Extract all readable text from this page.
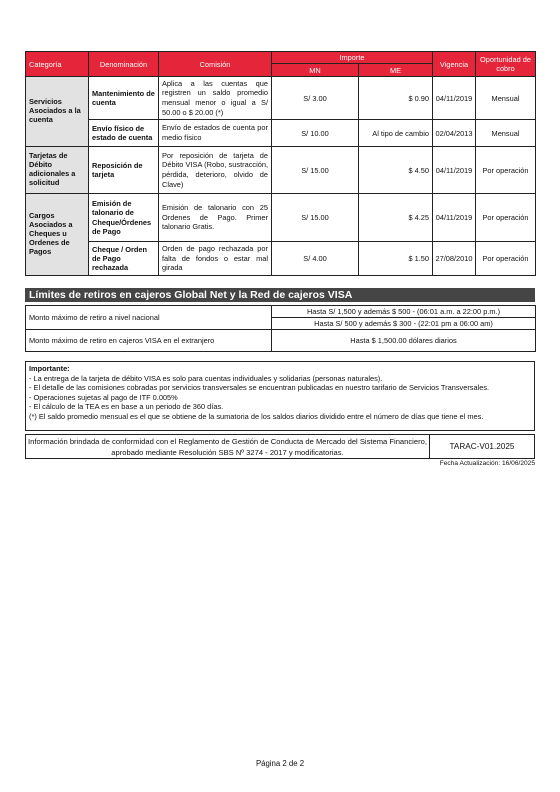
Categoría	Denominación	Comisión	Importe		Vigencia	Oportunidad de cobro
			MN	ME		
Servicios Asociados a la cuenta	Mantenimiento de cuenta	Aplica a las cuentas que registren un saldo promedio mensual menor o igual a S/ 50.00 o $ 20.00 (*)	S/ 3.00	$ 0.90	04/11/2019	Mensual
	Envío físico de estado de cuenta	Envío de estados de cuenta por medio físico	S/ 10.00	Al tipo de cambio	02/04/2013	Mensual
Tarjetas de Débito adicionales a solicitud	Reposición de tarjeta	Por reposición de tarjeta de Débito VISA (Robo, sustracción, pérdida, deterioro, olvido de Clave)	S/ 15.00	$ 4.50	04/11/2019	Por operación
Cargos Asociados a Cheques u Ordenes de Pagos	Emisión de talonario de Cheque/Órdenes de Pago	Emisión de talonario con 25 Ordenes de Pago. Primer talonario Gratis.	S/ 15.00	$ 4.25	04/11/2019	Por operación
	Cheque / Orden de Pago rechazada	Orden de pago rechazada por falta de fondos o estar mal girada	S/ 4.00	$ 1.50	27/08/2010	Por operación
Límites de retiros en cajeros Global Net y la Red de cajeros VISA
Monto máximo de retiro a nivel nacional	Hasta S/ 1,500 y además $ 500 - (06:01 a.m. a 22:00 p.m.)
	Hasta S/ 500 y además $ 300 - (22:01 pm a 06:00 am)
Monto máximo de retiro en cajeros VISA en el extranjero	Hasta $ 1,500.00 dólares diarios
Importante:
- La entrega de la tarjeta de débito VISA es solo para cuentas individuales y solidarias (personas naturales).
- El detalle de las comisiones cobradas por servicios transversales se encuentran publicadas en nuestro tarifario de Servicios Transversales.
- Operaciones sujetas al pago de ITF 0.005%
- El cálculo de la TEA es en base a un periodo de 360 días.
(*) El saldo promedio mensual es el que se obtiene de la sumatoria de los saldos diarios dividido entre el número de días que tiene el mes.
Información brindada de conformidad con el Reglamento de Gestión de Conducta de Mercado del Sistema Financiero,
aprobado mediante Resolución SBS Nº 3274 - 2017 y modificatorias.
TARAC-V01.2025
Fecha Actualización: 16/06/2025
Página 2 de 2
